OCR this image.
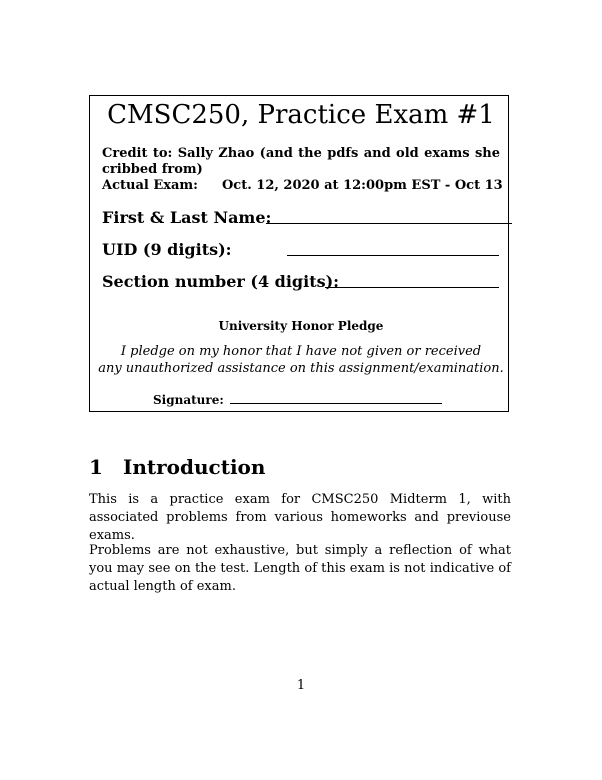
CMSC250, Practice Exam #1
Credit to: Sally Zhao (and the pdfs and old exams she cribbed from)
Actual Exam: Oct. 12, 2020 at 12:00pm EST - Oct 13
First & Last Name:
UID (9 digits):
Section number (4 digits):
University Honor Pledge
I pledge on my honor that I have not given or received
any unauthorized assistance on this assignment/examination.
Signature:
1 Introduction
This is a practice exam for CMSC250 Midterm 1, with associated problems from various homeworks and previouse exams.
Problems are not exhaustive, but simply a reflection of what you may see on the test. Length of this exam is not indicative of actual length of exam.
1
